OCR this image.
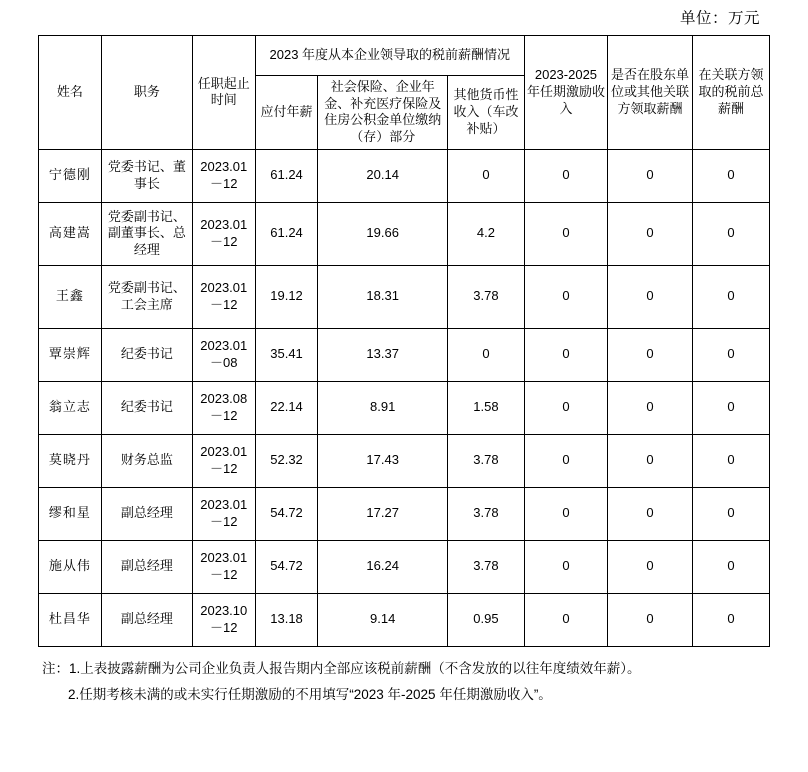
单位：万元
姓名	职务	任职起止时间	2023 年度从本企业领导取的税前薪酬情况			2023-2025 年任期激励收入	是否在股东单位或其他关联方领取薪酬	在关联方领取的税前总薪酬
			应付年薪	社会保险、企业年金、补充医疗保险及住房公积金单位缴纳（存）部分	其他货币性收入（车改补贴）			
宁德刚	党委书记、董事长	2023.01－12	61.24	20.14	0	0	0	0
高建嵩	党委副书记、副董事长、总经理	2023.01－12	61.24	19.66	4.2	0	0	0
王鑫	党委副书记、工会主席	2023.01－12	19.12	18.31	3.78	0	0	0
覃崇辉	纪委书记	2023.01－08	35.41	13.37	0	0	0	0
翁立志	纪委书记	2023.08－12	22.14	8.91	1.58	0	0	0
莫晓丹	财务总监	2023.01－12	52.32	17.43	3.78	0	0	0
缪和星	副总经理	2023.01－12	54.72	17.27	3.78	0	0	0
施从伟	副总经理	2023.01－12	54.72	16.24	3.78	0	0	0
杜昌华	副总经理	2023.10－12	13.18	9.14	0.95	0	0	0
注：1.上表披露薪酬为公司企业负责人报告期内全部应该税前薪酬（不含发放的以往年度绩效年薪）。
2.任期考核未满的或未实行任期激励的不用填写“2023 年-2025 年任期激励收入”。
